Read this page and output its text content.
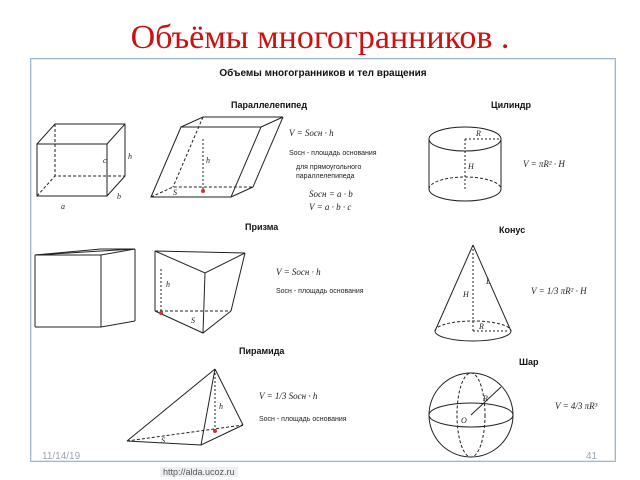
Объёмы многогранников .
Объемы многогранников и тел вращения
Параллелепипед
c	h
b
a
h
S
V = Sосн · h
Sосн - площадь основания
для прямоугольного
параллелепипеда
Sосн = a · b
V = a · b · c
Цилиндр
R
H	V = πR² · H
Призма
h
S
V = Sосн · h
Sосн - площадь основания
Конус
L
H
R
V = 1/3 πR² · H
Пирамида
h
S
V = 1/3 Sосн · h
Sосн - площадь основания
Шар
R
O
V = 4/3 πR³
11/14/19	41
http://alda.ucoz.ru
